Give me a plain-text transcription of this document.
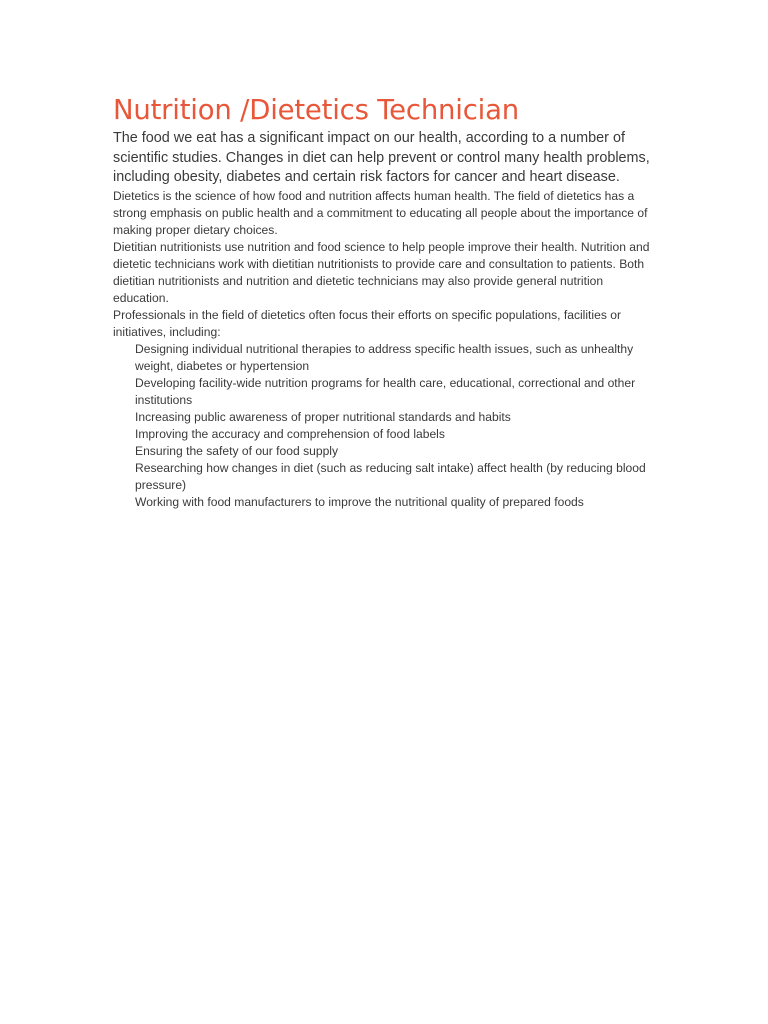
Nutrition /Dietetics Technician

The food we eat has a significant impact on our health, according to a number of scientific studies. Changes in diet can help prevent or control many health problems, including obesity, diabetes and certain risk factors for cancer and heart disease.

Dietetics is the science of how food and nutrition affects human health. The field of dietetics has a strong emphasis on public health and a commitment to educating all people about the importance of making proper dietary choices.

Dietitian nutritionists use nutrition and food science to help people improve their health. Nutrition and dietetic technicians work with dietitian nutritionists to provide care and consultation to patients. Both dietitian nutritionists and nutrition and dietetic technicians may also provide general nutrition education.

Professionals in the field of dietetics often focus their efforts on specific populations, facilities or initiatives, including:

Designing individual nutritional therapies to address specific health issues, such as unhealthy weight, diabetes or hypertension
Developing facility-wide nutrition programs for health care, educational, correctional and other institutions
Increasing public awareness of proper nutritional standards and habits
Improving the accuracy and comprehension of food labels
Ensuring the safety of our food supply
Researching how changes in diet (such as reducing salt intake) affect health (by reducing blood pressure)
Working with food manufacturers to improve the nutritional quality of prepared foods
